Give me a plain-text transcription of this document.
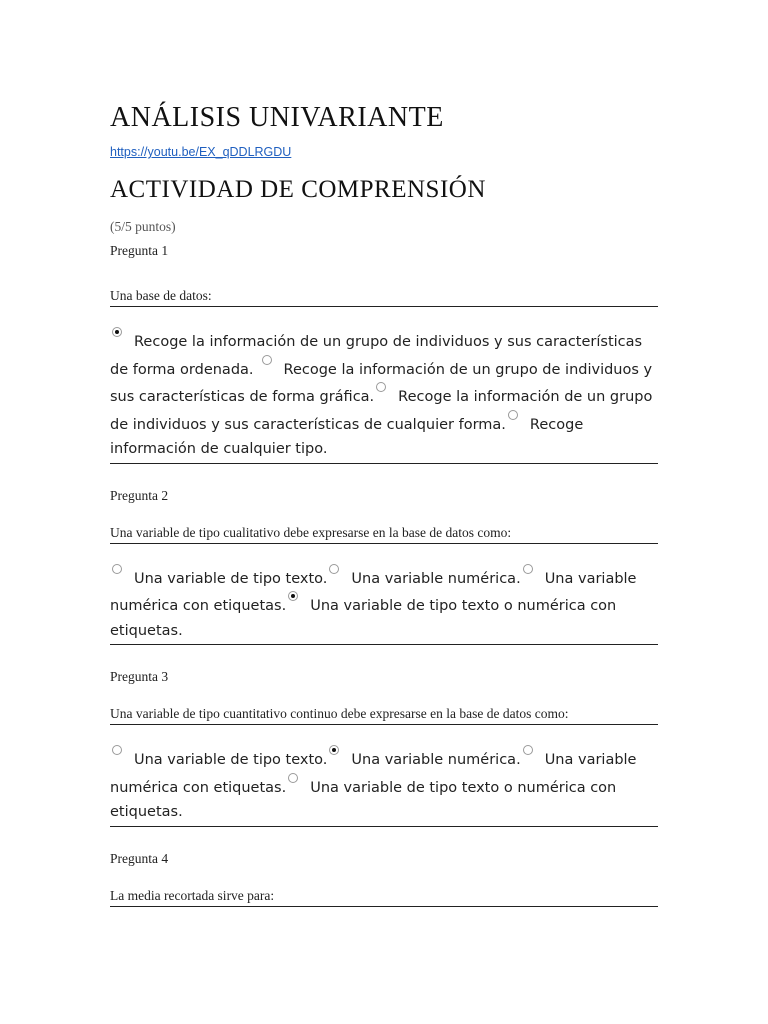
ANÁLISIS UNIVARIANTE
https://youtu.be/EX_qDDLRGDU
ACTIVIDAD DE COMPRENSIÓN
(5/5 puntos)
Pregunta 1
Una base de datos:
Recoge la información de un grupo de individuos y sus características de forma ordenada. Recoge la información de un grupo de individuos y sus características de forma gráfica. Recoge la información de un grupo de individuos y sus características de cualquier forma. Recoge información de cualquier tipo.
Pregunta 2
Una variable de tipo cualitativo debe expresarse en la base de datos como:
Una variable de tipo texto. Una variable numérica. Una variable numérica con etiquetas. Una variable de tipo texto o numérica con etiquetas.
Pregunta 3
Una variable de tipo cuantitativo continuo debe expresarse en la base de datos como:
Una variable de tipo texto. Una variable numérica. Una variable numérica con etiquetas. Una variable de tipo texto o numérica con etiquetas.
Pregunta 4
La media recortada sirve para:
